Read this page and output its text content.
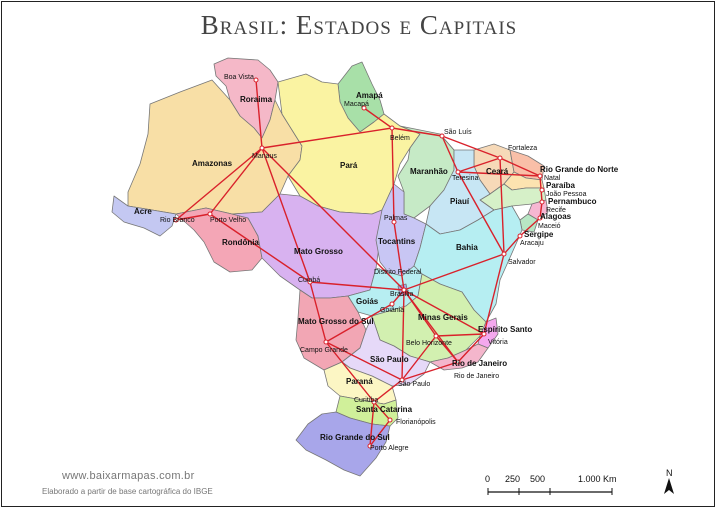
Brasil: Estados e Capitais
Roraima	Amapá
Amazonas	Pará
Maranhão	Ceará	Rio Grande do Norte
Paraíba
Pernambuco
Alagoas
Sergipe
Piauí
Acre
Rondônia
Mato Grosso
Tocantins
Bahia
Distrito Federal
Goiás
Mato Grosso do Sul	Minas Gerais
Espírito Santo
São Paulo	Rio de Janeiro
Paraná
Santa Catarina
Rio Grande do Sul
Boa Vista
Macapá
Belém
São Luís
Fortaleza
Natal
João Pessoa
Recife
Maceió
Aracaju
Teresina
Manaus
Rio Branco Porto Velho	Palmas
Salvador
Brasília
Goiânia
Cuiabá
Campo Grande
Belo Horizonte	Vitória
Rio de Janeiro
São Paulo
Curitiba
Florianópolis
Porto Alegre
0 250 500	1.000 Km
N
www.baixarmapas.com.br
Elaborado a partir de base cartográfica do IBGE
